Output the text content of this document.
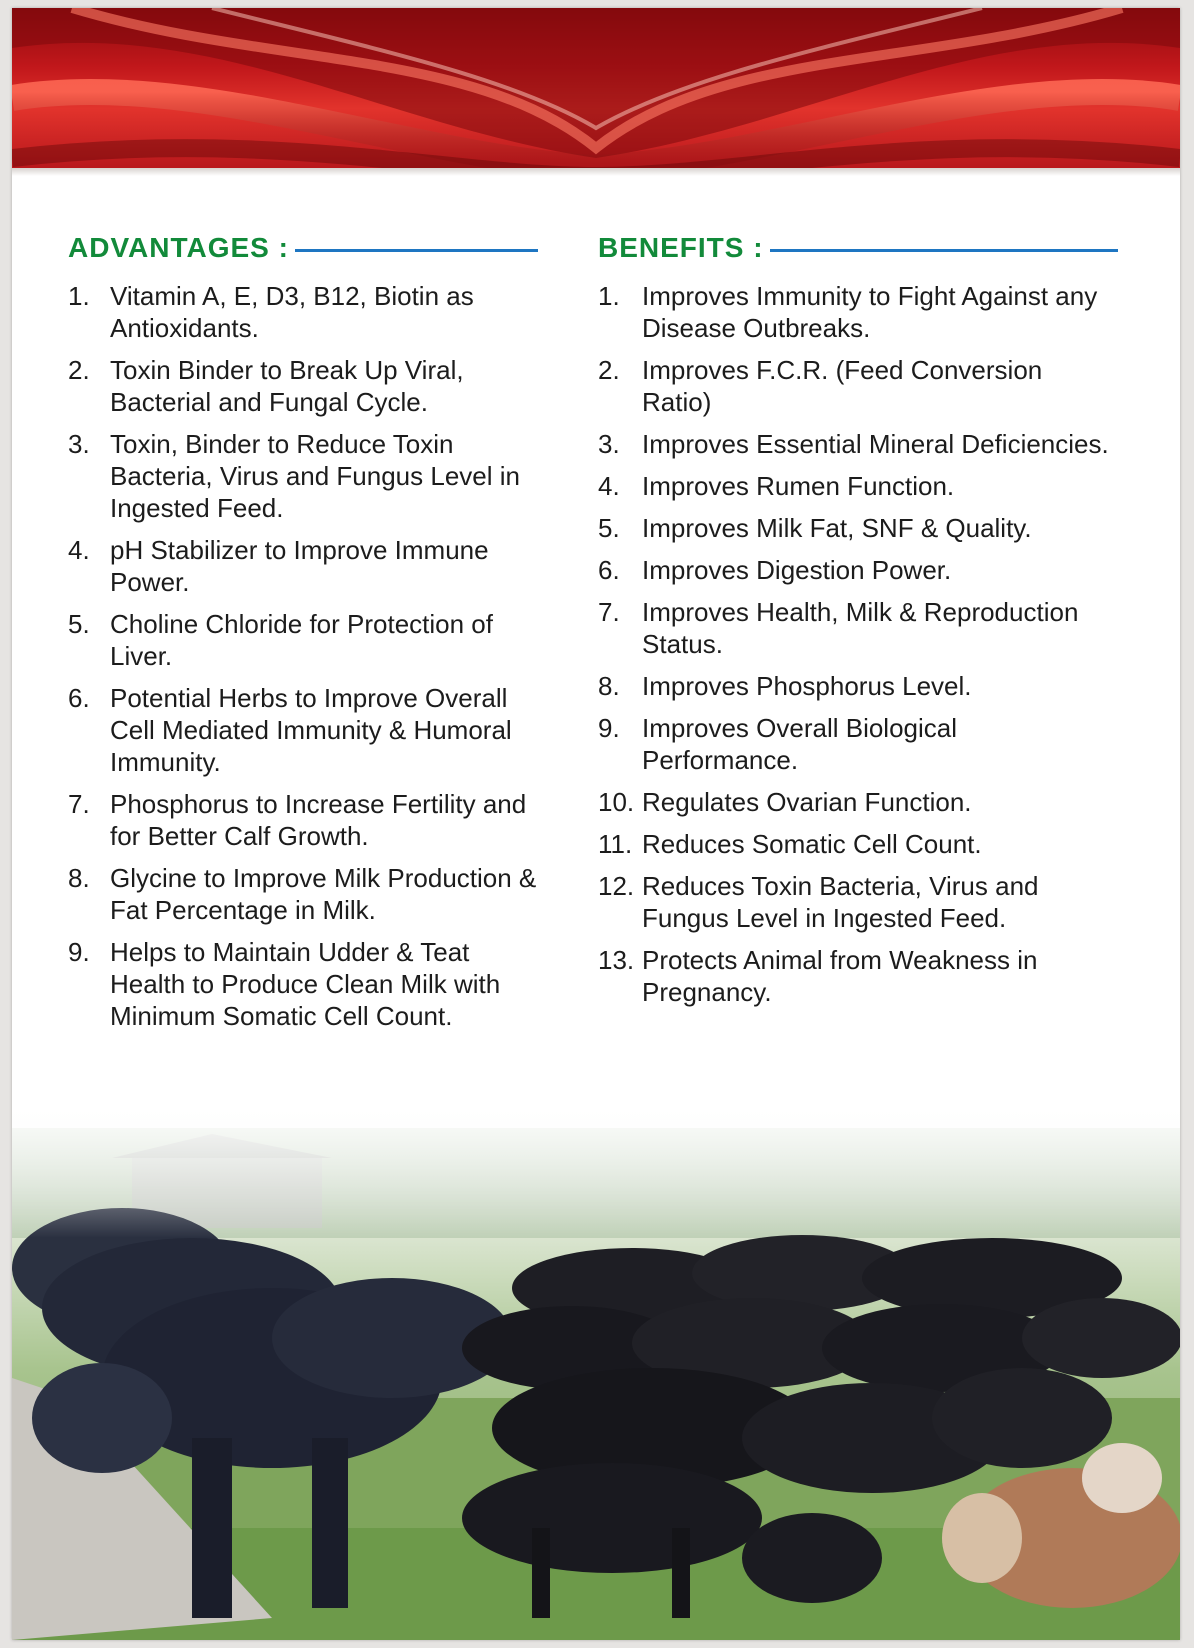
ADVANTAGES :
1. Vitamin A, E, D3, B12, Biotin as Antioxidants.
2. Toxin Binder to Break Up Viral, Bacterial and Fungal Cycle.
3. Toxin, Binder to Reduce Toxin Bacteria, Virus and Fungus Level in Ingested Feed.
4. pH Stabilizer to Improve Immune Power.
5. Choline Chloride for Protection of Liver.
6. Potential Herbs to Improve Overall Cell Mediated Immunity & Humoral Immunity.
7. Phosphorus to Increase Fertility and for Better Calf Growth.
8. Glycine to Improve Milk Production & Fat Percentage in Milk.
9. Helps to Maintain Udder & Teat Health to Produce Clean Milk with Minimum Somatic Cell Count.
BENEFITS :
1. Improves Immunity to Fight Against any Disease Outbreaks.
2. Improves F.C.R. (Feed Conversion Ratio)
3. Improves Essential Mineral Deficiencies.
4. Improves Rumen Function.
5. Improves Milk Fat, SNF & Quality.
6. Improves Digestion Power.
7. Improves Health, Milk & Reproduction Status.
8. Improves Phosphorus Level.
9. Improves Overall Biological Performance.
10. Regulates Ovarian Function.
11. Reduces Somatic Cell Count.
12. Reduces Toxin Bacteria, Virus and Fungus Level in Ingested Feed.
13. Protects Animal from Weakness in Pregnancy.
